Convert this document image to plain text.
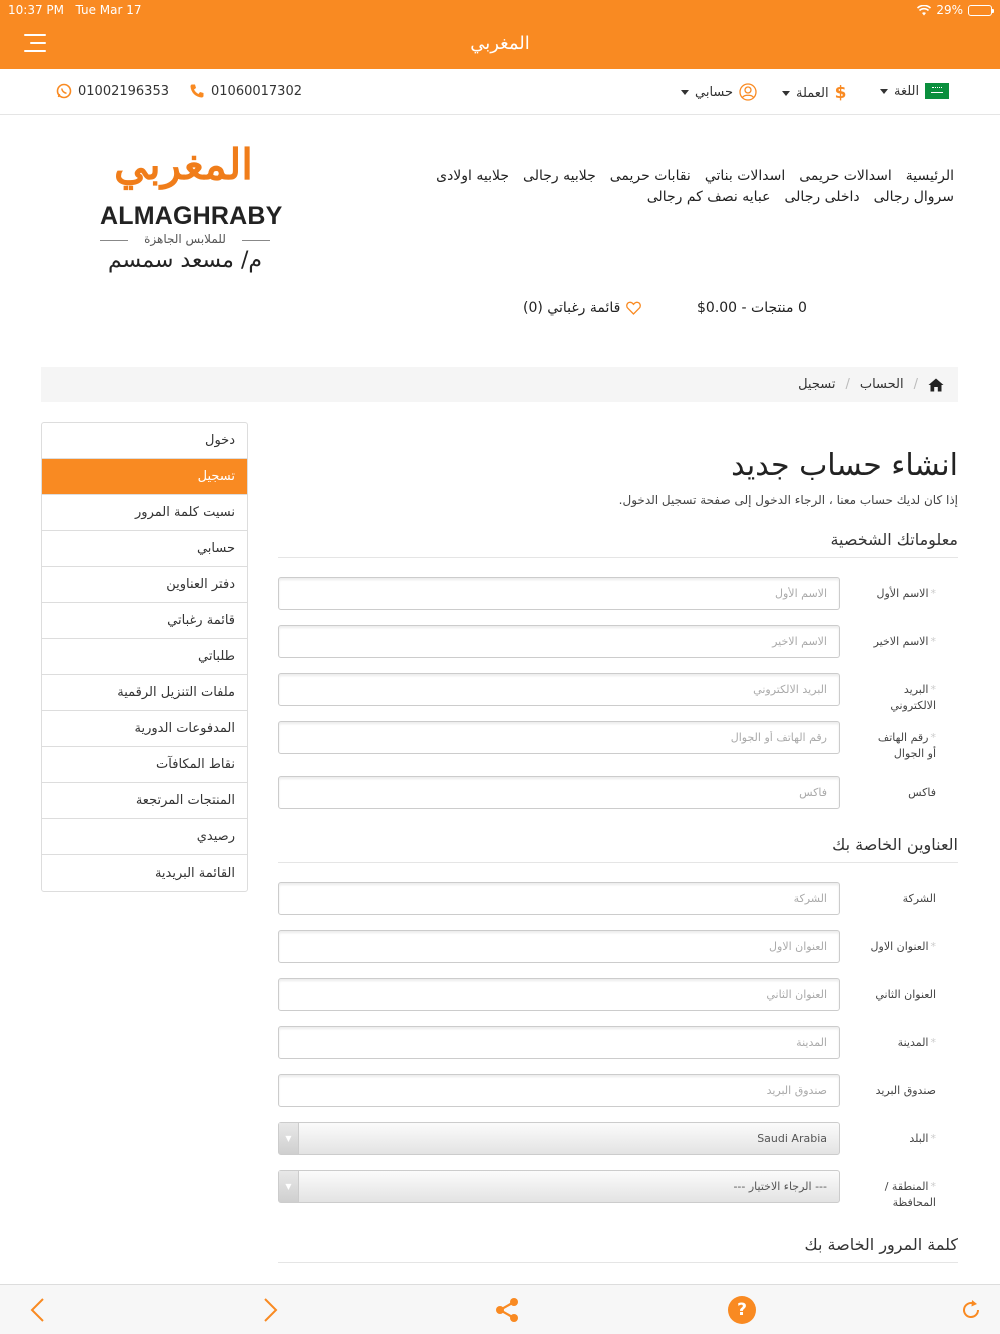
10:37 PM Tue Mar 17	29%
المغربي
01002196353	01060017302	حسابي	$
العملة	اللغة
المغربي
ALMAGHRABY
للملابس الجاهزة
م/ مسعد سمسم
الرئيسية
اسدالات حريمى
اسدالات بناتي
نقابات حريمى
جلابيه رجالى
جلابيه اولادى
سروال رجالى
داخلى رجالى
عبايه نصف كم رجالى
0 منتجات - 0.00$
قائمة رغباتي (0)
/
الحساب
/
تسجيل
دخول
تسجيل
نسيت كلمة المرور
حسابي
دفتر العناوين
قائمة رغباتي
طلباتي
ملفات التنزيل الرقمية
المدفوعات الدورية
نقاط المكافآت
المنتجات المرتجعة
رصيدي
القائمة البريدية
انشاء حساب جديد

إذا كان لديك حساب معنا ، الرجاء الدخول إلى صفحة تسجيل الدخول.

معلوماتك الشخصية
*الاسم الأول
الاسم الأول
*الاسم الاخير
الاسم الاخير
*البريد الالكتروني
البريد الالكتروني
*رقم الهاتف أو الجوال
رقم الهاتف أو الجوال
فاكس
فاكس
العناوين الخاصة بك
الشركة
الشركة
*العنوان الاول
العنوان الاول
العنوان الثاني
العنوان الثاني
*المدينة
المدينة
صندوق البريد
صندوق البريد
*البلد
Saudi Arabia
▼
*المنطقة / المحافظة
--- الرجاء الاختيار ---
▼
كلمة المرور الخاصة بك
?
